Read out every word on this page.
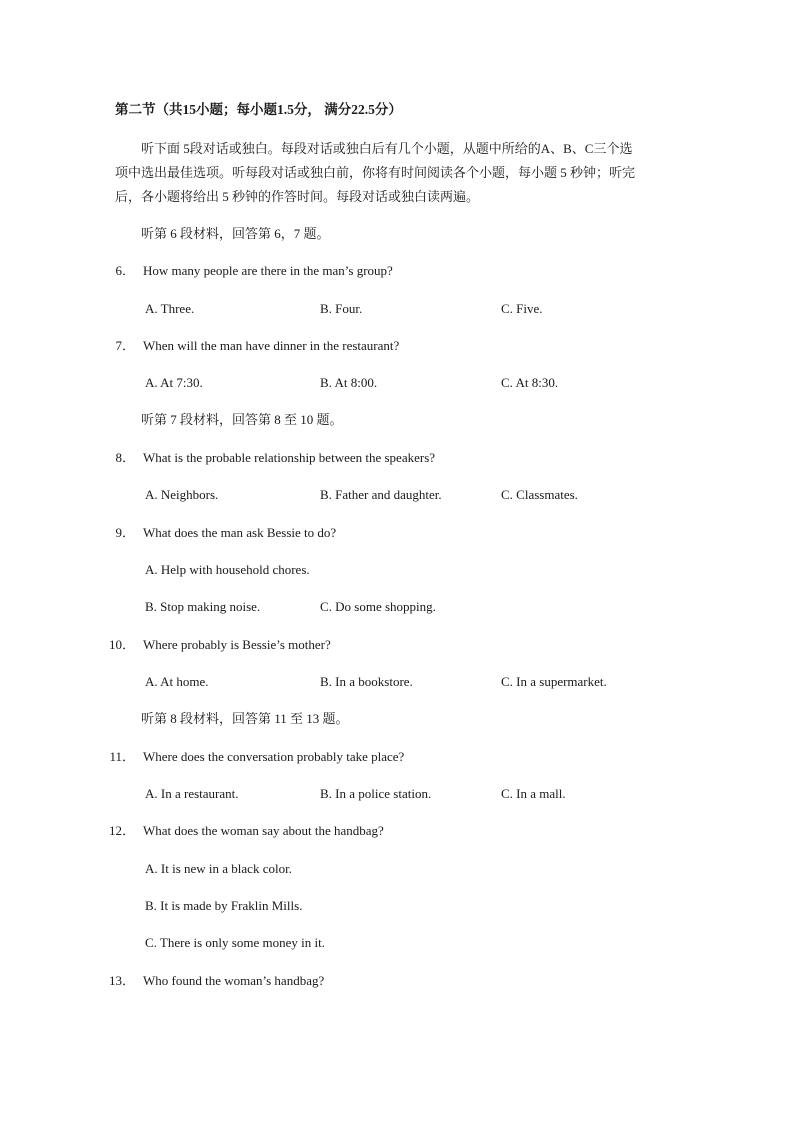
第二节（共15小题；每小题1.5分， 满分22.5分）
听下面 5段对话或独白。每段对话或独白后有几个小题，从题中所给的A、B、C三个选
项中选出最佳选项。听每段对话或独白前，你将有时间阅读各个小题，每小题 5 秒钟；听完
后，各小题将给出 5 秒钟的作答时间。每段对话或独白读两遍。
听第 6 段材料，回答第 6，7 题。
6． How many people are there in the man’s group?
A. Three.	B. Four.	C. Five.
7． When will the man have dinner in the restaurant?
A. At 7:30.	B. At 8:00.	C. At 8:30.
听第 7 段材料，回答第 8 至 10 题。
8． What is the probable relationship between the speakers?
A. Neighbors.	B. Father and daughter.	C. Classmates.
9． What does the man ask Bessie to do?
A. Help with household chores.
B. Stop making noise.	C. Do some shopping.
10． Where probably is Bessie’s mother?
A. At home.	B. In a bookstore.	C. In a supermarket.
听第 8 段材料，回答第 11 至 13 题。
11． Where does the conversation probably take place?
A. In a restaurant.	B. In a police station.	C. In a mall.
12． What does the woman say about the handbag?
A. It is new in a black color.
B. It is made by Fraklin Mills.
C. There is only some money in it.
13． Who found the woman’s handbag?
